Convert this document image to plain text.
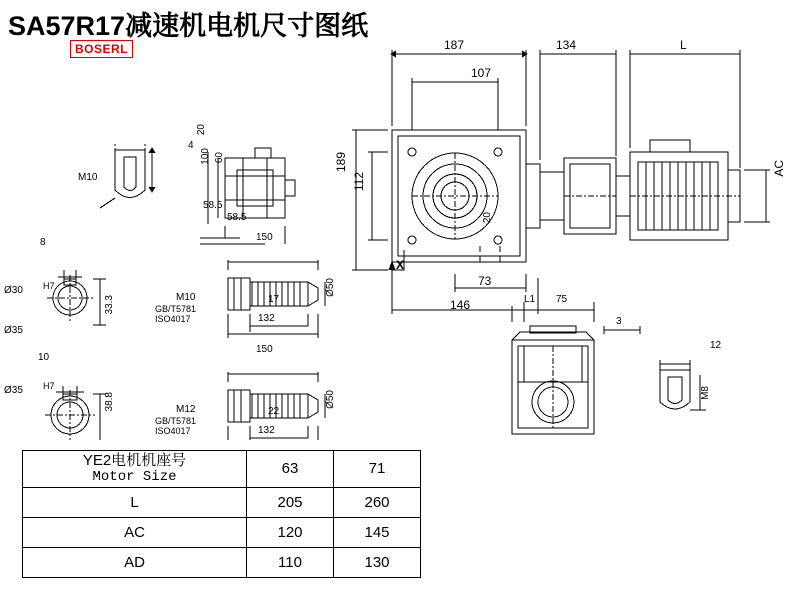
SA57R17减速机电机尺寸图纸
BOSERL	187
107
134	L
189
112
AC
20
73
146
X
20
4
M10
100 60
58.5
58.5
8
Ø30 H7
33.3
Ø35
10
Ø35 H7
38.8
150
M10
GB/T5781
ISO4017
17
132
Ø50
150
M12
GB/T5781
ISO4017
22
132
Ø50
L1 75
3
12
M8
YE2电机机座号
Motor Size	63	71
L	205	260
AC	120	145
AD	110	130
